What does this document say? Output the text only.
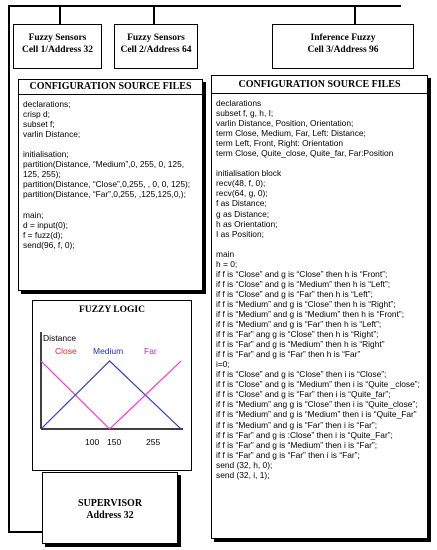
Fuzzy Sensors
Cell 1/Address 32
Fuzzy Sensors
Cell 2/Address 64
Inference Fuzzy
Cell 3/Address 96
CONFIGURATION SOURCE FILES
declarations;
crisp d;
subset f;
varlin Distance;

initialisation;
partition(Distance, “Medium”,0, 255, 0, 125,
125, 255);
partition(Distance, “Close”,0,255, , 0, 0, 125);
partition(Distance, “Far”,0,255, ,125,125,0,);

main;
d = input(0);
f = fuzz(d);
send(96, f, 0);
CONFIGURATION SOURCE FILES
declarations
subset f, g, h, I;
varlin Distance, Position, Orientation;
term Close, Medium, Far, Left: Distance;
term Left, Front, Right: Orientation
term Close, Quite_close, Quite_far, Far:Position

initialisation block
recv(48, f, 0);
recv(64, g, 0);
f as Distance;
g as Distance;
h as Orientation;
I as Position;

main
h = 0;
if f is “Close” and g is “Close” then h is “Front”;
if f is “Close” and g is “Medium” then h is “Left”;
if f is “Close” and g is “Far” then h is “Left”;
if f is “Medium” and g is “Close” then h is “Right”;
if f is “Medium” and g is “Medium” then h is “Front”;
if f is “Medium” and g is “Far” then h is “Left”;
if f is “Far” ang g is “Close” then h is “Right”;
if f is “Far” and g is “Medium” then h is “Right”
if f is “Far” and g is “Far” then h is “Far”
i=0;
if f is “Close” and g is “Close” then i is “Close”;
if f is “Close” and g is “Medium” then i is “Quite _close”;
if f is “Close” and g is “Far” then i is “Quite_far”;
if f is “Medium” ang g is “Close” then i is “Quite_close”;
if f is “Medium” and g is “Medium” then i is “Quite_Far”
if f is “Medium” and g is “Far” then i is “Far”;
if f is “Far” and g is :Close” then i is “Quite_Far”;
if f is “Far” and g is “Medium” then i is “Far”;
if f is “Far” and g is “Far” then i is “Far”;
send (32, h, 0);
send (32, i, 1);
FUZZY LOGIC
Distance
Close Medium Far
100 150	255
SUPERVISOR
Address 32
